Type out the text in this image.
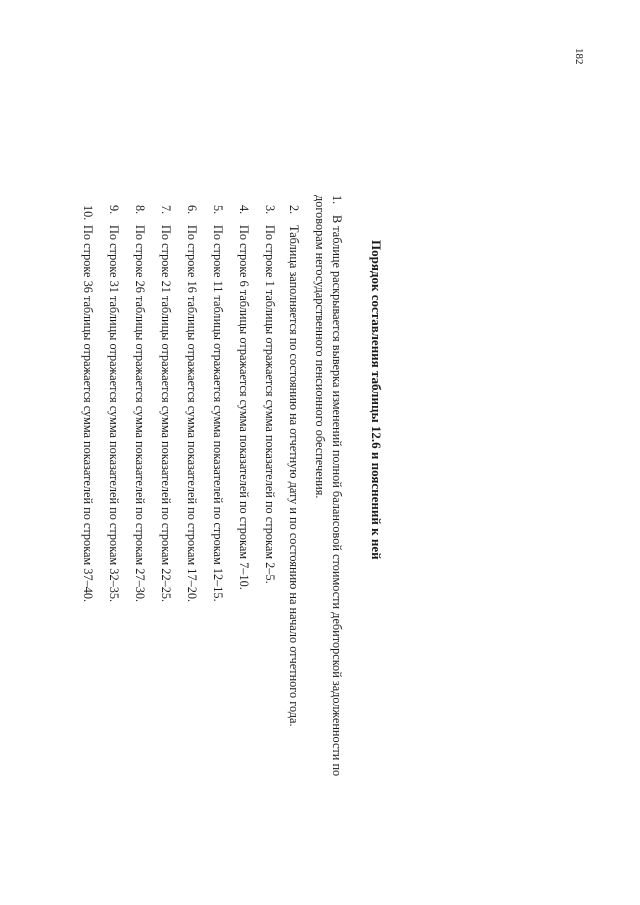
182
Порядок составления таблицы 12.6 и пояснений к ней
1.В таблице раскрывается выверка изменений полной балансовой стоимости дебиторской задолженности по
договорам негосударственного пенсионного обеспечения.
2.Таблица заполняется по состоянию на отчетную дату и по состоянию на начало отчетного года.
3.По строке 1 таблицы отражается сумма показателей по строкам 2–5.
4.По строке 6 таблицы отражается сумма показателей по строкам 7–10.
5.По строке 11 таблицы отражается сумма показателей по строкам 12–15.
6.По строке 16 таблицы отражается сумма показателей по строкам 17–20.
7.По строке 21 таблицы отражается сумма показателей по строкам 22–25.
8.По строке 26 таблицы отражается сумма показателей по строкам 27–30.
9.По строке 31 таблицы отражается сумма показателей по строкам 32–35.
10.По строке 36 таблицы отражается сумма показателей по строкам 37–40.
